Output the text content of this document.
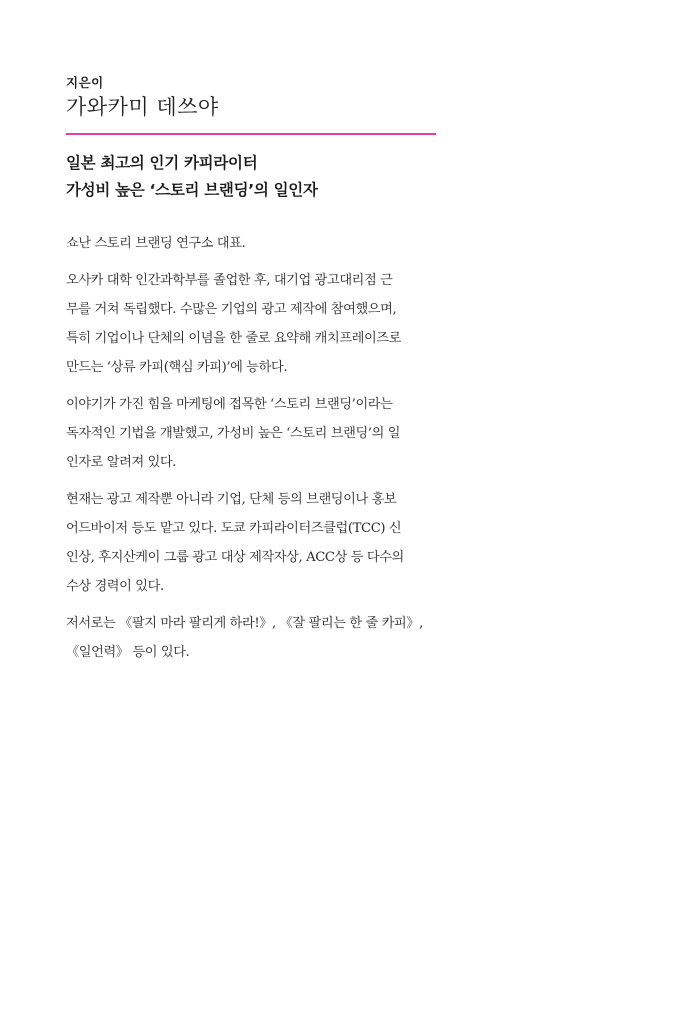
지은이
가와카미 데쓰야
일본 최고의 인기 카피라이터
가성비 높은 ‘스토리 브랜딩’의 일인자

쇼난 스토리 브랜딩 연구소 대표.

오사카 대학 인간과학부를 졸업한 후, 대기업 광고대리점 근
무를 거쳐 독립했다. 수많은 기업의 광고 제작에 참여했으며,
특히 기업이나 단체의 이념을 한 줄로 요약해 캐치프레이즈로
만드는 ‘상류 카피(핵심 카피)’에 능하다.

이야기가 가진 힘을 마케팅에 접목한 ‘스토리 브랜딩’이라는
독자적인 기법을 개발했고, 가성비 높은 ‘스토리 브랜딩’의 일
인자로 알려져 있다.

현재는 광고 제작뿐 아니라 기업, 단체 등의 브랜딩이나 홍보
어드바이저 등도 맡고 있다. 도쿄 카피라이터즈클럽(TCC) 신
인상, 후지산케이 그룹 광고 대상 제작자상, ACC상 등 다수의
수상 경력이 있다.

저서로는 《팔지 마라 팔리게 하라!》, 《잘 팔리는 한 줄 카피》,
《일언력》 등이 있다.
